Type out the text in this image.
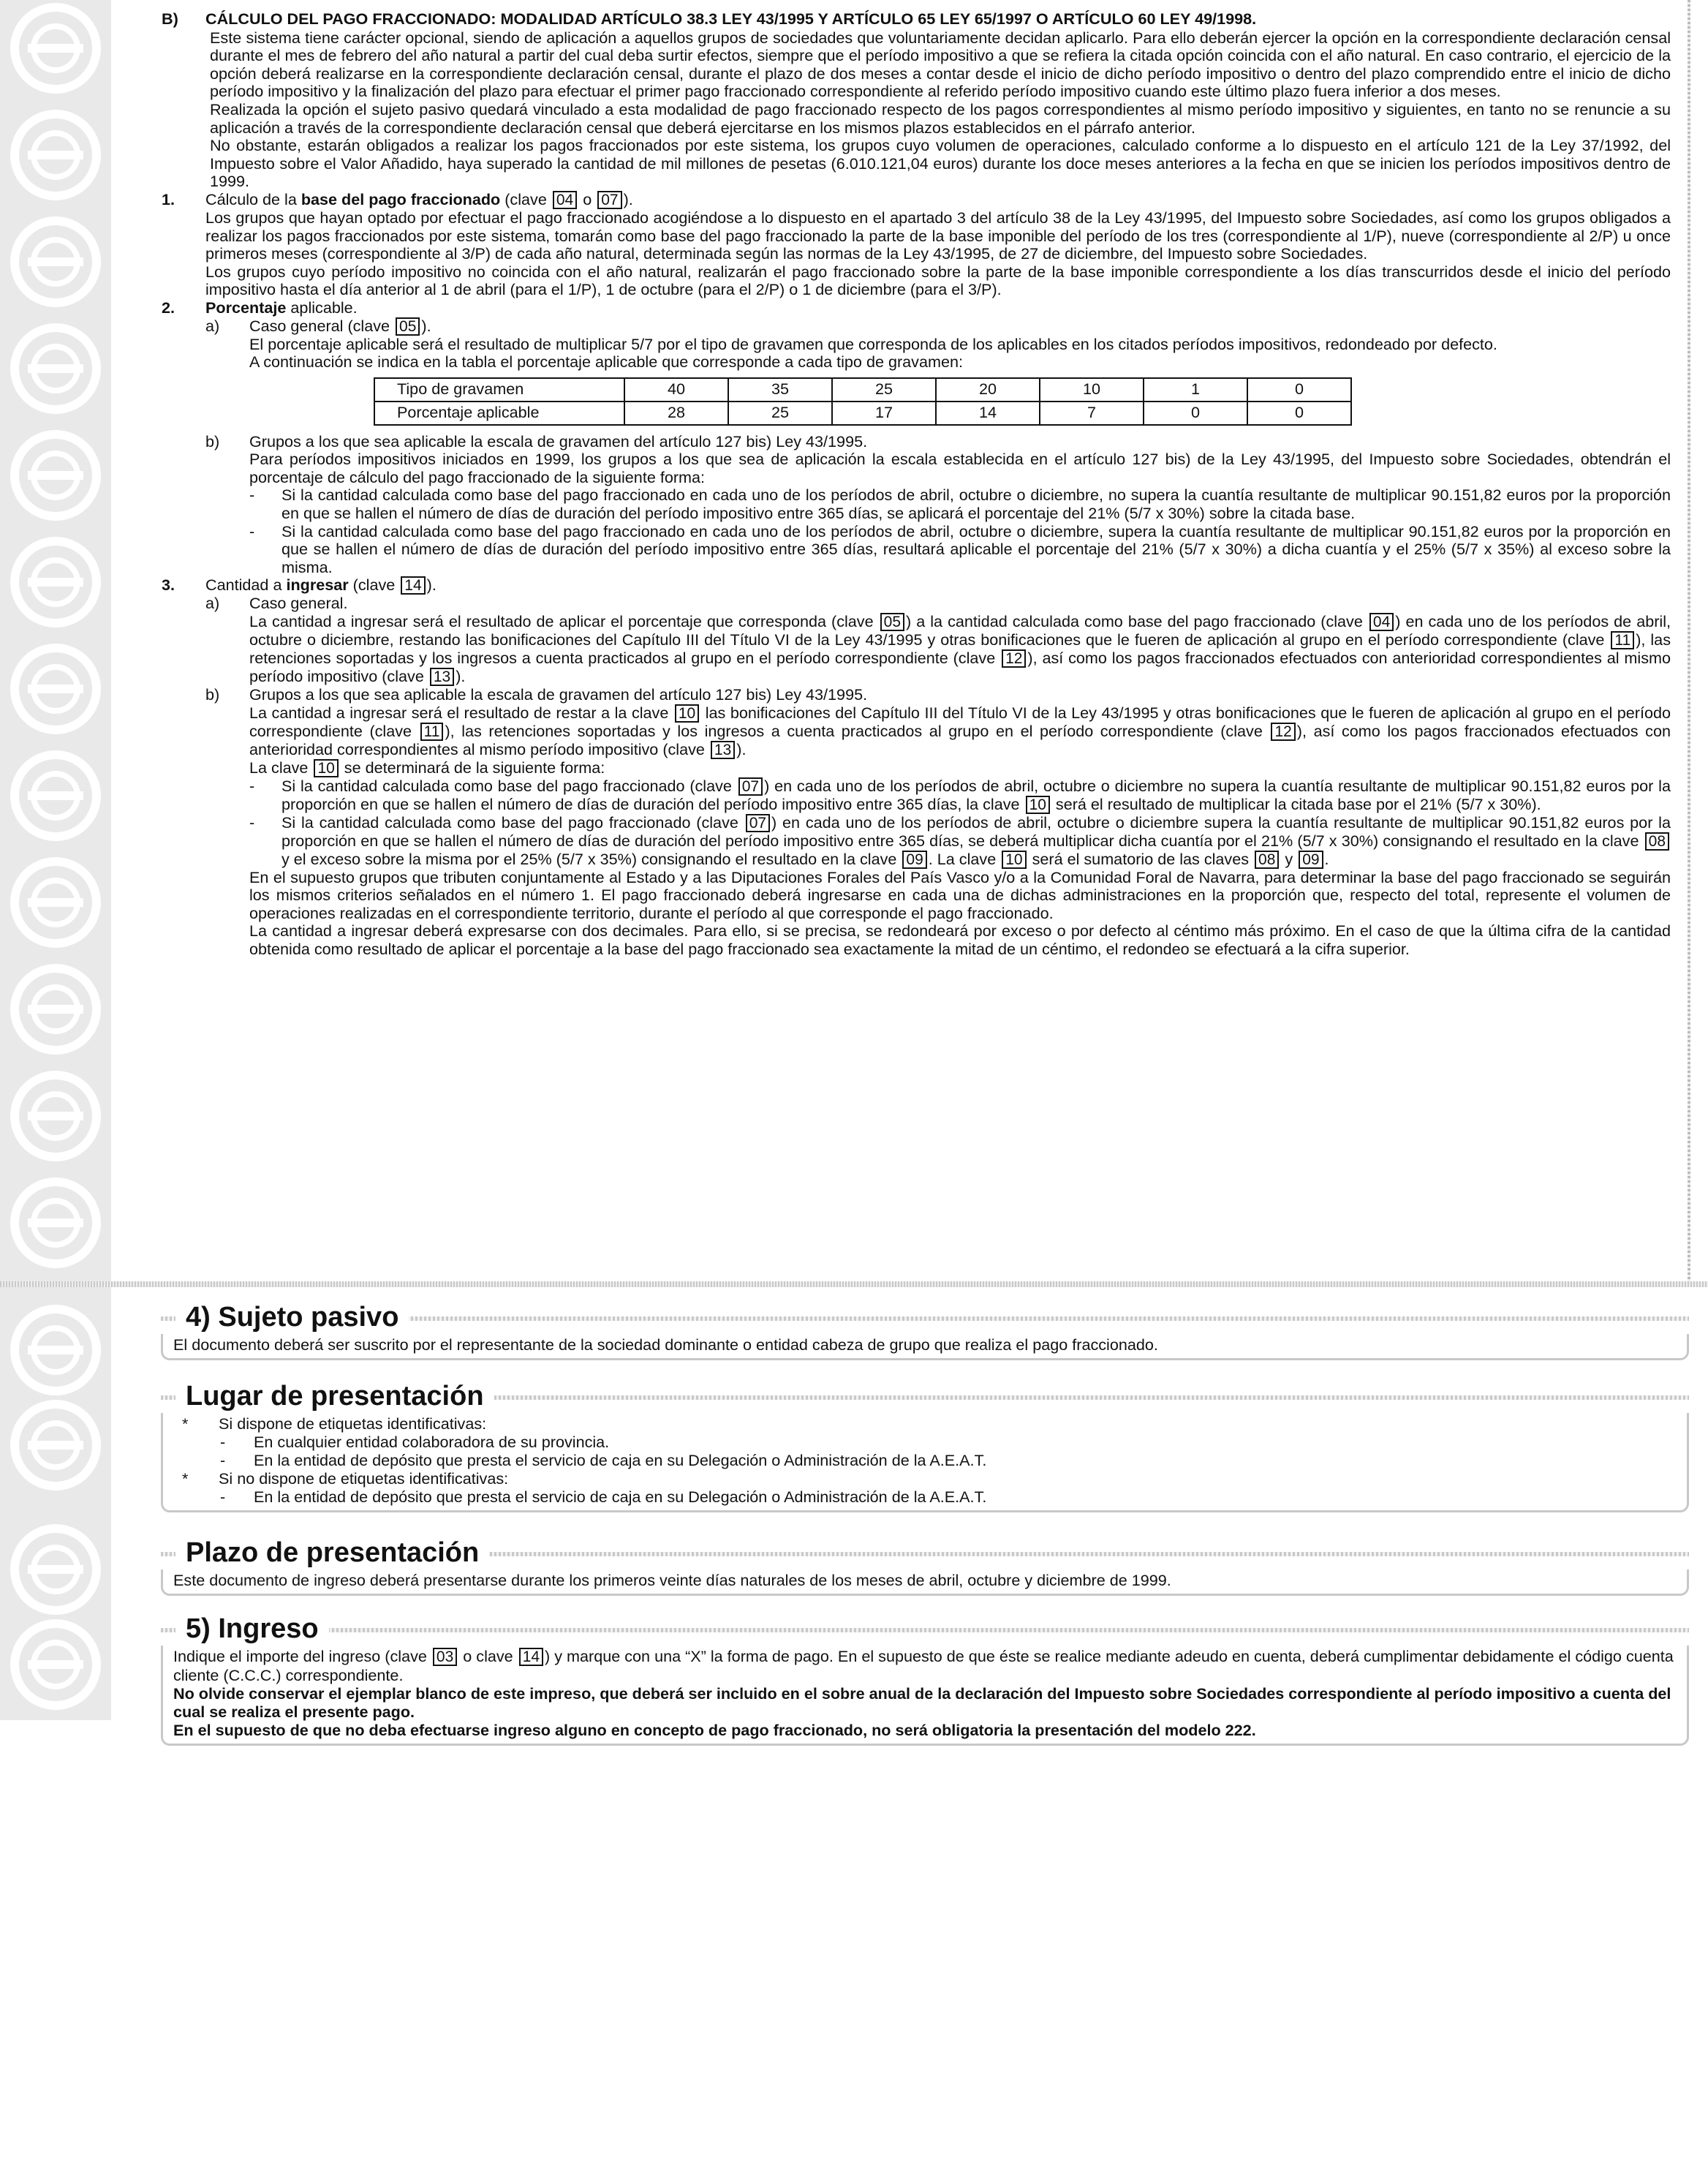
B) CÁLCULO DEL PAGO FRACCIONADO: MODALIDAD ARTÍCULO 38.3 LEY 43/1995 Y ARTÍCULO 65 LEY 65/1997 O ARTÍCULO 60 LEY 49/1998.

Este sistema tiene carácter opcional, siendo de aplicación a aquellos grupos de sociedades que voluntariamente decidan aplicarlo. Para ello deberán ejercer la opción en la correspondiente declaración censal durante el mes de febrero del año natural a partir del cual deba surtir efectos, siempre que el período impositivo a que se refiera la citada opción coincida con el año natural. En caso contrario, el ejercicio de la opción deberá realizarse en la correspondiente declaración censal, durante el plazo de dos meses a contar desde el inicio de dicho período impositivo o dentro del plazo comprendido entre el inicio de dicho período impositivo y la finalización del plazo para efectuar el primer pago fraccionado correspondiente al referido período impositivo cuando este último plazo fuera inferior a dos meses.

Realizada la opción el sujeto pasivo quedará vinculado a esta modalidad de pago fraccionado respecto de los pagos correspondientes al mismo período impositivo y siguientes, en tanto no se renuncie a su aplicación a través de la correspondiente declaración censal que deberá ejercitarse en los mismos plazos establecidos en el párrafo anterior.

No obstante, estarán obligados a realizar los pagos fraccionados por este sistema, los grupos cuyo volumen de operaciones, calculado conforme a lo dispuesto en el artículo 121 de la Ley 37/1992, del Impuesto sobre el Valor Añadido, haya superado la cantidad de mil millones de pesetas (6.010.121,04 euros) durante los doce meses anteriores a la fecha en que se inicien los períodos impositivos dentro de 1999.

1. Cálculo de la base del pago fraccionado (clave 04 o 07 ).

Los grupos que hayan optado por efectuar el pago fraccionado acogiéndose a lo dispuesto en el apartado 3 del artículo 38 de la Ley 43/1995, del Impuesto sobre Sociedades, así como los grupos obligados a realizar los pagos fraccionados por este sistema, tomarán como base del pago fraccionado la parte de la base imponible del período de los tres (correspondiente al 1/P), nueve (correspondiente al 2/P) u once primeros meses (correspondiente al 3/P) de cada año natural, determinada según las normas de la Ley 43/1995, de 27 de diciembre, del Impuesto sobre Sociedades.

Los grupos cuyo período impositivo no coincida con el año natural, realizarán el pago fraccionado sobre la parte de la base imponible correspondiente a los días transcurridos desde el inicio del período impositivo hasta el día anterior al 1 de abril (para el 1/P), 1 de octubre (para el 2/P) o 1 de diciembre (para el 3/P).

2. Porcentaje aplicable.

a) Caso general (clave 05 ).

El porcentaje aplicable será el resultado de multiplicar 5/7 por el tipo de gravamen que corresponda de los aplicables en los citados períodos impositivos, redondeado por defecto.

A continuación se indica en la tabla el porcentaje aplicable que corresponde a cada tipo de gravamen:

Tipo de gravamen	40	35	25	20	10	1	0
Porcentaje aplicable	28	25	17	14	7	0	0
b) Grupos a los que sea aplicable la escala de gravamen del artículo 127 bis) Ley 43/1995.

Para períodos impositivos iniciados en 1999, los grupos a los que sea de aplicación la escala establecida en el artículo 127 bis) de la Ley 43/1995, del Impuesto sobre Sociedades, obtendrán el porcentaje de cálculo del pago fraccionado de la siguiente forma:

- Si la cantidad calculada como base del pago fraccionado en cada uno de los períodos de abril, octubre o diciembre, no supera la cuantía resultante de multiplicar 90.151,82 euros por la proporción en que se hallen el número de días de duración del período impositivo entre 365 días, se aplicará el porcentaje del 21% (5/7 x 30%) sobre la citada base.

- Si la cantidad calculada como base del pago fraccionado en cada uno de los períodos de abril, octubre o diciembre, supera la cuantía resultante de multiplicar 90.151,82 euros por la proporción en que se hallen el número de días de duración del período impositivo entre 365 días, resultará aplicable el porcentaje del 21% (5/7 x 30%) a dicha cuantía y el 25% (5/7 x 35%) al exceso sobre la misma.

3. Cantidad a ingresar (clave 14 ).

a) Caso general.

La cantidad a ingresar será el resultado de aplicar el porcentaje que corresponda (clave 05 ) a la cantidad calculada como base del pago fraccionado (clave 04 ) en cada uno de los períodos de abril, octubre o diciembre, restando las bonificaciones del Capítulo III del Título VI de la Ley 43/1995 y otras bonificaciones que le fueren de aplicación al grupo en el período correspondiente (clave 11 ), las retenciones soportadas y los ingresos a cuenta practicados al grupo en el período correspondiente (clave 12 ), así como los pagos fraccionados efectuados con anterioridad correspondientes al mismo período impositivo (clave 13 ).

b) Grupos a los que sea aplicable la escala de gravamen del artículo 127 bis) Ley 43/1995.

La cantidad a ingresar será el resultado de restar a la clave 10 las bonificaciones del Capítulo III del Título VI de la Ley 43/1995 y otras bonificaciones que le fueren de aplicación al grupo en el período correspondiente (clave 11 ), las retenciones soportadas y los ingresos a cuenta practicados al grupo en el período correspondiente (clave 12 ), así como los pagos fraccionados efectuados con anterioridad correspondientes al mismo período impositivo (clave 13 ).

La clave 10 se determinará de la siguiente forma:

- Si la cantidad calculada como base del pago fraccionado (clave 07 ) en cada uno de los períodos de abril, octubre o diciembre no supera la cuantía resultante de multiplicar 90.151,82 euros por la proporción en que se hallen el número de días de duración del período impositivo entre 365 días, la clave 10 será el resultado de multiplicar la citada base por el 21% (5/7 x 30%).

- Si la cantidad calculada como base del pago fraccionado (clave 07 ) en cada uno de los períodos de abril, octubre o diciembre supera la cuantía resultante de multiplicar 90.151,82 euros por la proporción en que se hallen el número de días de duración del período impositivo entre 365 días, se deberá multiplicar dicha cuantía por el 21% (5/7 x 30%) consignando el resultado en la clave 08 y el exceso sobre la misma por el 25% (5/7 x 35%) consignando el resultado en la clave 09 . La clave 10 será el sumatorio de las claves 08 y 09 .

En el supuesto grupos que tributen conjuntamente al Estado y a las Diputaciones Forales del País Vasco y/o a la Comunidad Foral de Navarra, para determinar la base del pago fraccionado se seguirán los mismos criterios señalados en el número 1. El pago fraccionado deberá ingresarse en cada una de dichas administraciones en la proporción que, respecto del total, represente el volumen de operaciones realizadas en el correspondiente territorio, durante el período al que corresponde el pago fraccionado.

La cantidad a ingresar deberá expresarse con dos decimales. Para ello, si se precisa, se redondeará por exceso o por defecto al céntimo más próximo. En el caso de que la última cifra de la cantidad obtenida como resultado de aplicar el porcentaje a la base del pago fraccionado sea exactamente la mitad de un céntimo, el redondeo se efectuará a la cifra superior.

4) Sujeto pasivo

El documento deberá ser suscrito por el representante de la sociedad dominante o entidad cabeza de grupo que realiza el pago fraccionado.

Lugar de presentación
* Si dispone de etiquetas identificativas:

- En cualquier entidad colaboradora de su provincia.

- En la entidad de depósito que presta el servicio de caja en su Delegación o Administración de la A.E.A.T.

* Si no dispone de etiquetas identificativas:

- En la entidad de depósito que presta el servicio de caja en su Delegación o Administración de la A.E.A.T.

Plazo de presentación

Este documento de ingreso deberá presentarse durante los primeros veinte días naturales de los meses de abril, octubre y diciembre de 1999.

5) Ingreso

Indique el importe del ingreso (clave 03 o clave 14 ) y marque con una “X” la forma de pago. En el supuesto de que éste se realice mediante adeudo en cuenta, deberá cumplimentar debidamente el código cuenta cliente (C.C.C.) correspondiente.

No olvide conservar el ejemplar blanco de este impreso, que deberá ser incluido en el sobre anual de la declaración del Impuesto sobre Sociedades correspondiente al período impositivo a cuenta del cual se realiza el presente pago.

En el supuesto de que no deba efectuarse ingreso alguno en concepto de pago fraccionado, no será obligatoria la presentación del modelo 222.
